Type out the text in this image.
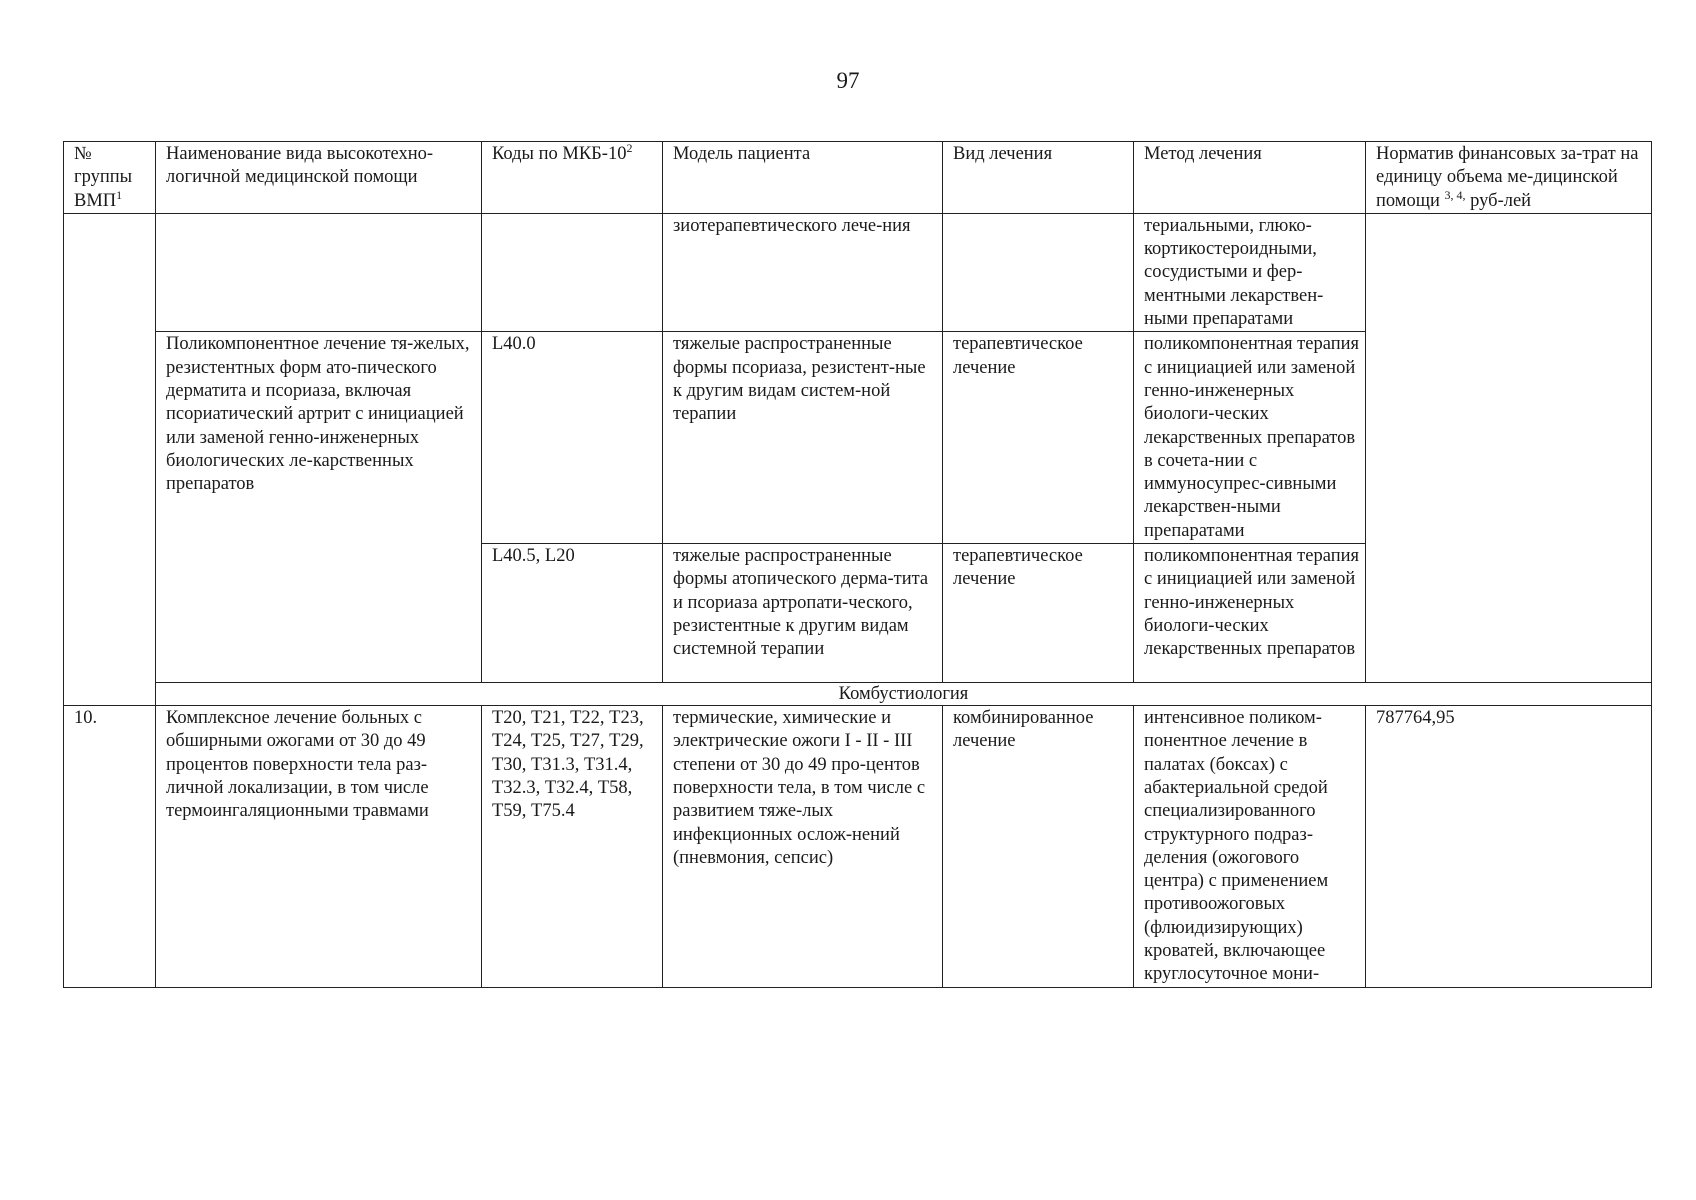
97
№ группы ВМП$^1$	Наименование вида высокотехно-логичной медицинской помощи	Коды по МКБ-$10^2$	Модель пациента	Вид лечения	Метод лечения	Норматив финансовых за-трат на единицу объема ме-дицинской помощи $^{3, 4,}$ руб-лей
			зиотерапевтического лече-ния		териальными, глюко-кортикостероидными, сосудистыми и фер-ментными лекарствен-ными препаратами	
	Поликомпонентное лечение тя-желых, резистентных форм ато-пического дерматита и псориаза, включая псориатический артрит с инициацией или заменой генно-инженерных биологических ле-карственных препаратов	L40.0	тяжелые распространенные формы псориаза, резистент-ные к другим видам систем-ной терапии	терапевтическое лечение	поликомпонентная терапия с инициацией или заменой генно-инженерных биологи-ческих лекарственных препаратов в сочета-нии с иммуносупрес-сивными лекарствен-ными препаратами	
		L40.5, L20	тяжелые распространенные формы атопического дерма-тита и псориаза артропати-ческого, резистентные к другим видам системной терапии	терапевтическое лечение	поликомпонентная терапия с инициацией или заменой генно-инженерных биологи-ческих лекарственных препаратов	
	Комбустиология					
10.	Комплексное лечение больных с обширными ожогами от 30 до 49 процентов поверхности тела раз-личной локализации, в том числе термоингаляционными травмами	Т20, Т21, Т22, Т23, Т24, Т25, Т27, Т29, Т30, Т31.3, Т31.4, Т32.3, Т32.4, Т58, Т59, Т75.4	термические, химические и электрические ожоги I - II - III степени от 30 до 49 про-центов поверхности тела, в том числе с развитием тяже-лых инфекционных ослож-нений (пневмония, сепсис)	комбинированное лечение	интенсивное поликом-понентное лечение в палатах (боксах) с абактериальной средой специализированного структурного подраз-деления (ожогового центра) с применением противоожоговых (флюидизирующих) кроватей, включающее круглосуточное мони-	787764,95
